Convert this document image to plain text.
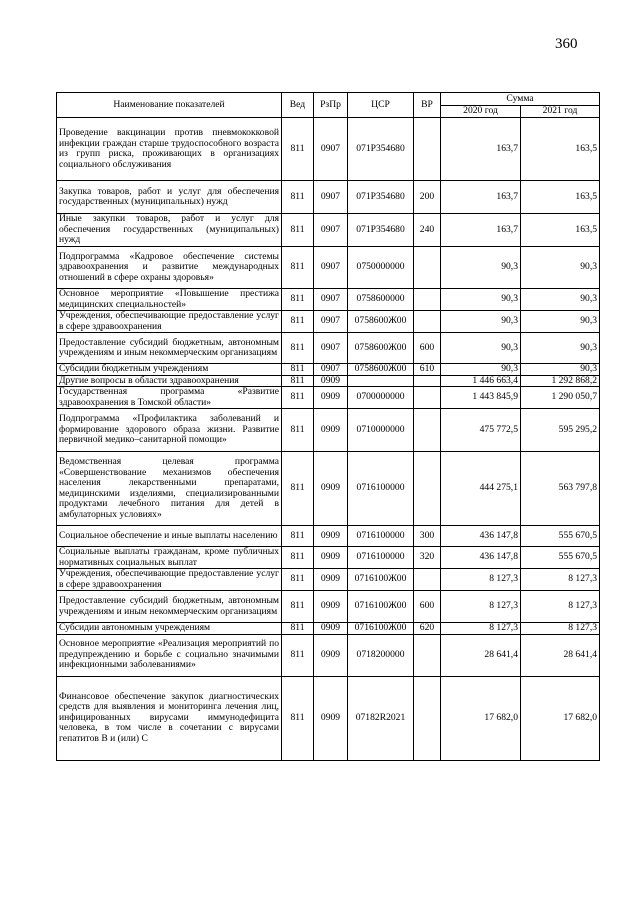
360
Наименование показателей	Вед	РзПр	ЦСР	ВР	Сумма	
					2020 год	2021 год
Проведение вакцинации против пневмококковой инфекции граждан старше трудоспособного возраста из групп риска, проживающих в организациях социального обслуживания	811	0907	071P354680		163,7	163,5
Закупка товаров, работ и услуг для обеспечения государственных (муниципальных) нужд	811	0907	071P354680	200	163,7	163,5
Иные закупки товаров, работ и услуг для обеспечения государственных (муниципальных) нужд	811	0907	071P354680	240	163,7	163,5
Подпрограмма «Кадровое обеспечение системы здравоохранения и развитие международных отношений в сфере охраны здоровья»	811	0907	0750000000		90,3	90,3
Основное мероприятие «Повышение престижа медицинских специальностей»	811	0907	0758600000		90,3	90,3
Учреждения, обеспечивающие предоставление услуг в сфере здравоохранения	811	0907	0758600Ж00		90,3	90,3
Предоставление субсидий бюджетным, автономным учреждениям и иным некоммерческим организациям	811	0907	0758600Ж00	600	90,3	90,3
Субсидии бюджетным учреждениям	811	0907	0758600Ж00	610	90,3	90,3
Другие вопросы в области здравоохранения	811	0909			1 446 663,4	1 292 868,2
Государственная программа «Развитие здравоохранения в Томской области»	811	0909	0700000000		1 443 845,9	1 290 050,7
Подпрограмма «Профилактика заболеваний и формирование здорового образа жизни. Развитие первичной медико–санитарной помощи»	811	0909	0710000000		475 772,5	595 295,2
Ведомственная целевая программа «Совершенствование механизмов обеспечения населения лекарственными препаратами, медицинскими изделиями, специализированными продуктами лечебного питания для детей в амбулаторных условиях»	811	0909	0716100000		444 275,1	563 797,8
Социальное обеспечение и иные выплаты населению	811	0909	0716100000	300	436 147,8	555 670,5
Социальные выплаты гражданам, кроме публичных нормативных социальных выплат	811	0909	0716100000	320	436 147,8	555 670,5
Учреждения, обеспечивающие предоставление услуг в сфере здравоохранения	811	0909	0716100Ж00		8 127,3	8 127,3
Предоставление субсидий бюджетным, автономным учреждениям и иным некоммерческим организациям	811	0909	0716100Ж00	600	8 127,3	8 127,3
Субсидии автономным учреждениям	811	0909	0716100Ж00	620	8 127,3	8 127,3
Основное мероприятие «Реализация мероприятий по предупреждению и борьбе с социально значимыми инфекционными заболеваниями»	811	0909	0718200000		28 641,4	28 641,4
Финансовое обеспечение закупок диагностических средств для выявления и мониторинга лечения лиц, инфицированных вирусами иммунодефицита человека, в том числе в сочетании с вирусами гепатитов В и (или) С	811	0909	07182R2021		17 682,0	17 682,0
